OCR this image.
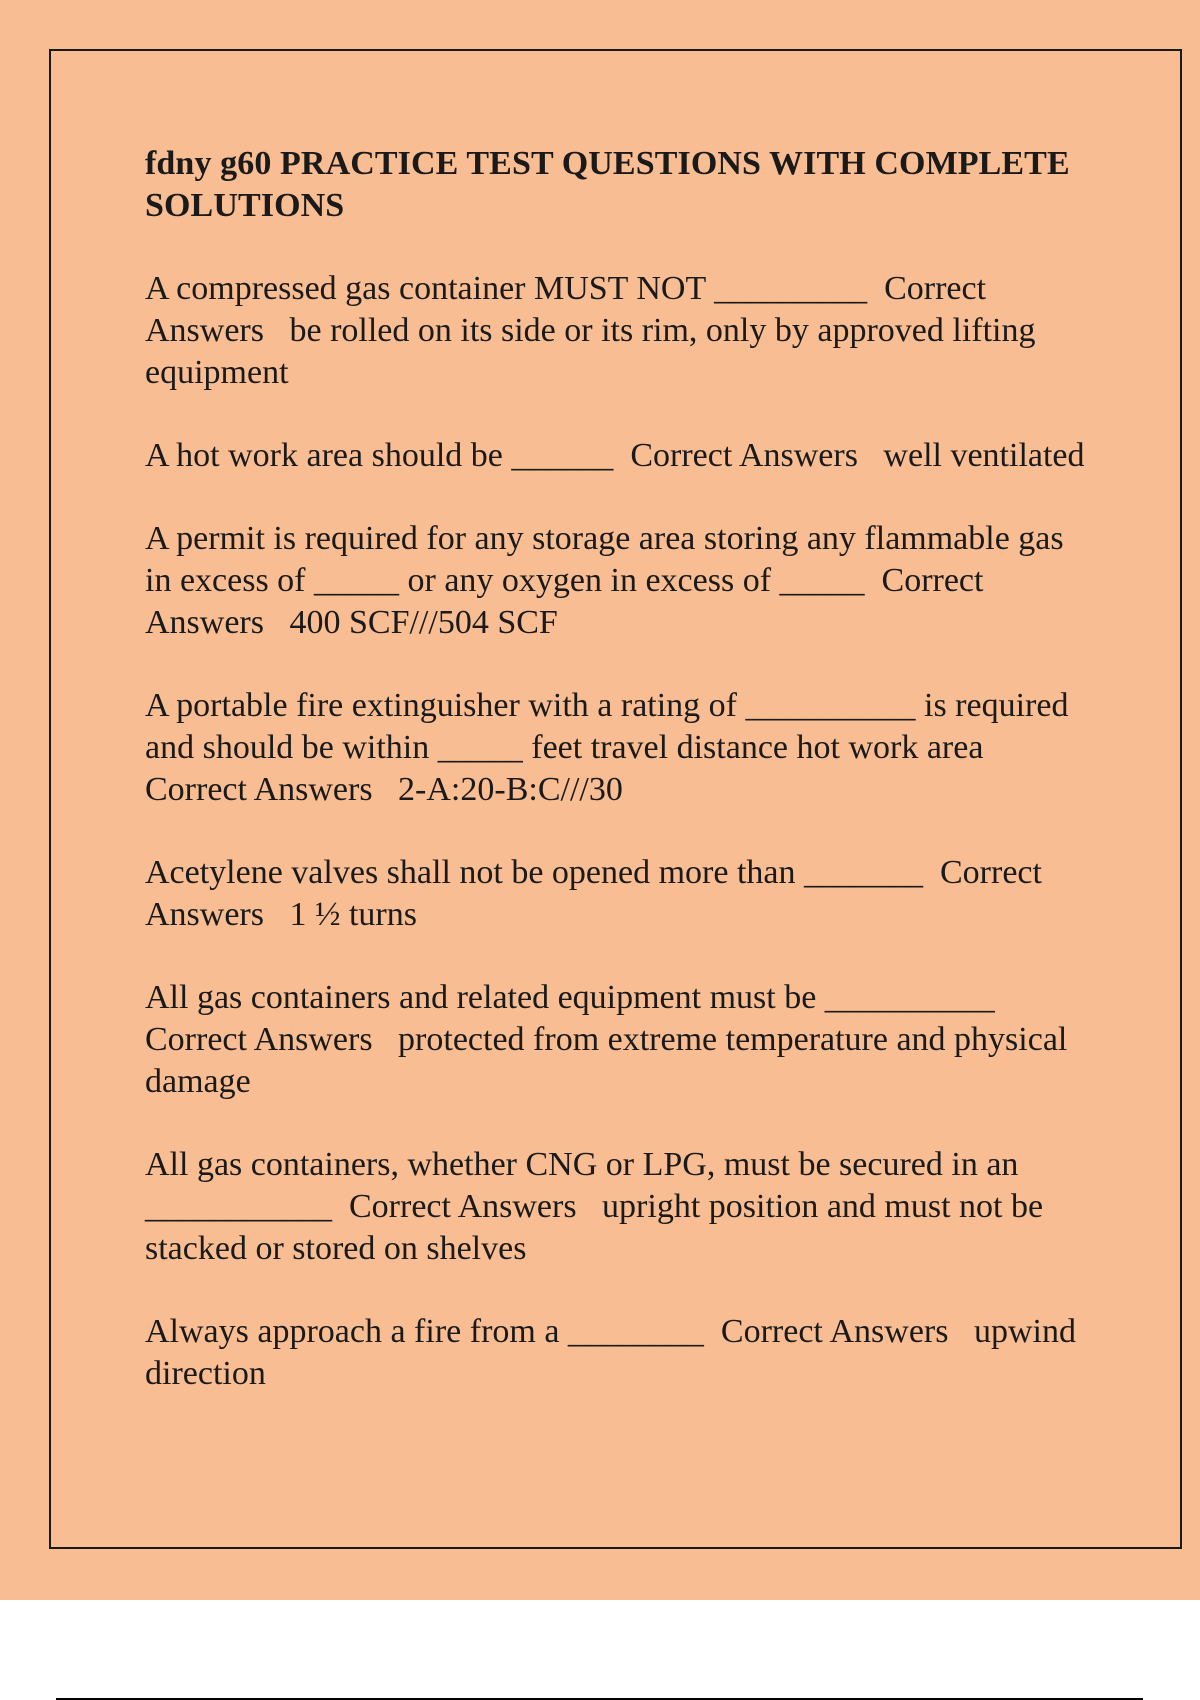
fdny g60 PRACTICE TEST QUESTIONS WITH COMPLETE SOLUTIONS
A compressed gas container MUST NOT _________  Correct Answers   be rolled on its side or its rim, only by approved lifting equipment
A hot work area should be ______  Correct Answers   well ventilated
A permit is required for any storage area storing any flammable gas in excess of _____ or any oxygen in excess of _____  Correct Answers   400 SCF///504 SCF
A portable fire extinguisher with a rating of __________ is required and should be within _____ feet travel distance hot work area  Correct Answers   2-A:20-B:C///30
Acetylene valves shall not be opened more than _______  Correct Answers   1 ½ turns
All gas containers and related equipment must be __________ Correct Answers   protected from extreme temperature and physical damage
All gas containers, whether CNG or LPG, must be secured in an ___________  Correct Answers   upright position and must not be stacked or stored on shelves
Always approach a fire from a ________  Correct Answers   upwind direction
